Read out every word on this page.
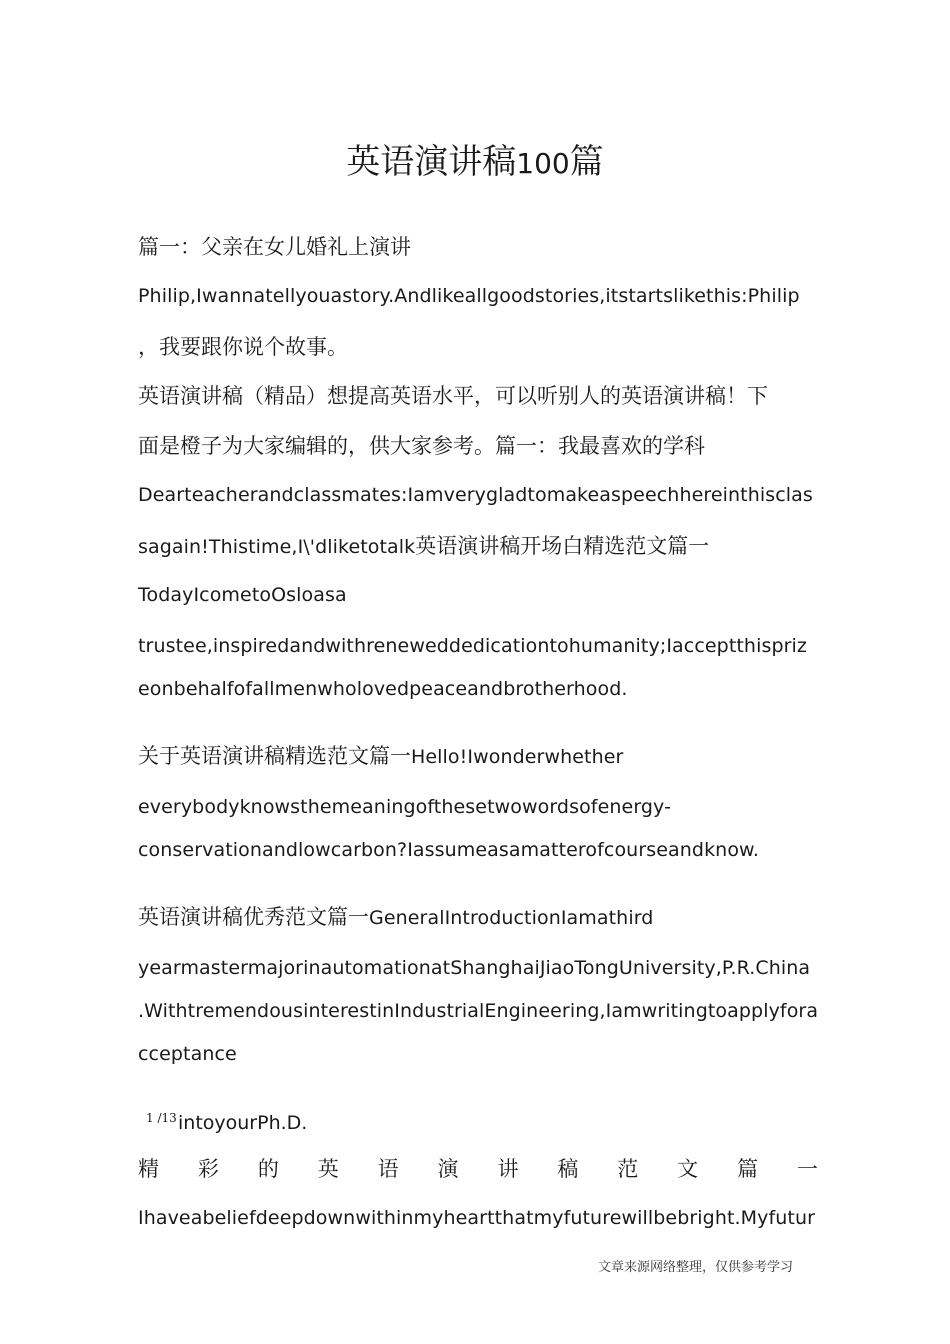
英语演讲稿100篇
篇一：父亲在女儿婚礼上演讲
Philip,Iwannatellyouastory.Andlikeallgoodstories,itstartslikethis:Philip
，我要跟你说个故事。
英语演讲稿（精品）想提高英语水平，可以听别人的英语演讲稿！下
面是橙子为大家编辑的，供大家参考。篇一：我最喜欢的学科
Dearteacherandclassmates:Iamverygladtomakeaspeechhereinthisclas
sagain!Thistime,I\'dliketotalk英语演讲稿开场白精选范文篇一
TodayIcometoOsloasa
trustee,inspiredandwithreneweddedicationtohumanity;Iacceptthispriz
eonbehalfofallmenwholovedpeaceandbrotherhood.
关于英语演讲稿精选范文篇一Hello!Iwonderwhether
everybodyknowsthemeaningofthesetwowordsofenergy-
conservationandlowcarbon?Iassumeasamatterofcourseandknow.
英语演讲稿优秀范文篇一GeneralIntroductionIamathird
yearmastermajorinautomationatShanghaiJiaoTongUniversity,P.R.China
.WithtremendousinterestinIndustrialEngineering,Iamwritingtoapplyfora
cceptance
1 /13 intoyourPh.D.
精 彩 的 英 语 演 讲 稿 范 文 篇 一
Ihaveabeliefdeepdownwithinmyheartthatmyfuturewillbebright.Myfutur
文章来源网络整理，仅供参考学习
